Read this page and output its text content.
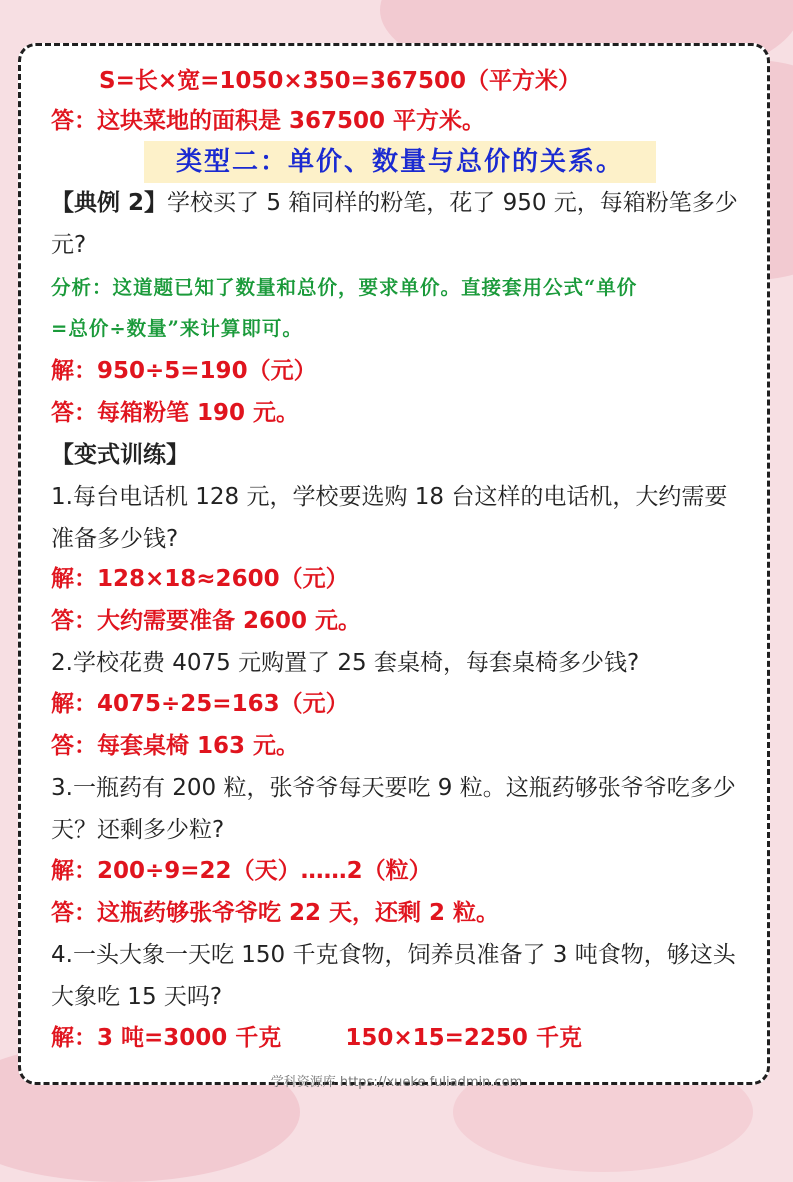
S=长×宽=1050×350=367500（平方米）
答：这块菜地的面积是 367500 平方米。
类型二：单价、数量与总价的关系。
【典例 2】学校买了 5 箱同样的粉笔，花了 950 元，每箱粉笔多少
元?
分析：这道题已知了数量和总价，要求单价。直接套用公式“单价
=总价÷数量”来计算即可。
解：950÷5=190（元）
答：每箱粉笔 190 元。
【变式训练】
1.每台电话机 128 元，学校要选购 18 台这样的电话机，大约需要
准备多少钱?
解：128×18≈2600（元）
答：大约需要准备 2600 元。
2.学校花费 4075 元购置了 25 套桌椅，每套桌椅多少钱?
解：4075÷25=163（元）
答：每套桌椅 163 元。
3.一瓶药有 200 粒，张爷爷每天要吃 9 粒。这瓶药够张爷爷吃多少
天？还剩多少粒?
解：200÷9=22（天）……2（粒）
答：这瓶药够张爷爷吃 22 天，还剩 2 粒。
4.一头大象一天吃 150 千克食物，饲养员准备了 3 吨食物，够这头
大象吃 15 天吗?
解：3 吨=3000 千克        150×15=2250 千克
学科资源库 https://xueke.fuliadmin.com
